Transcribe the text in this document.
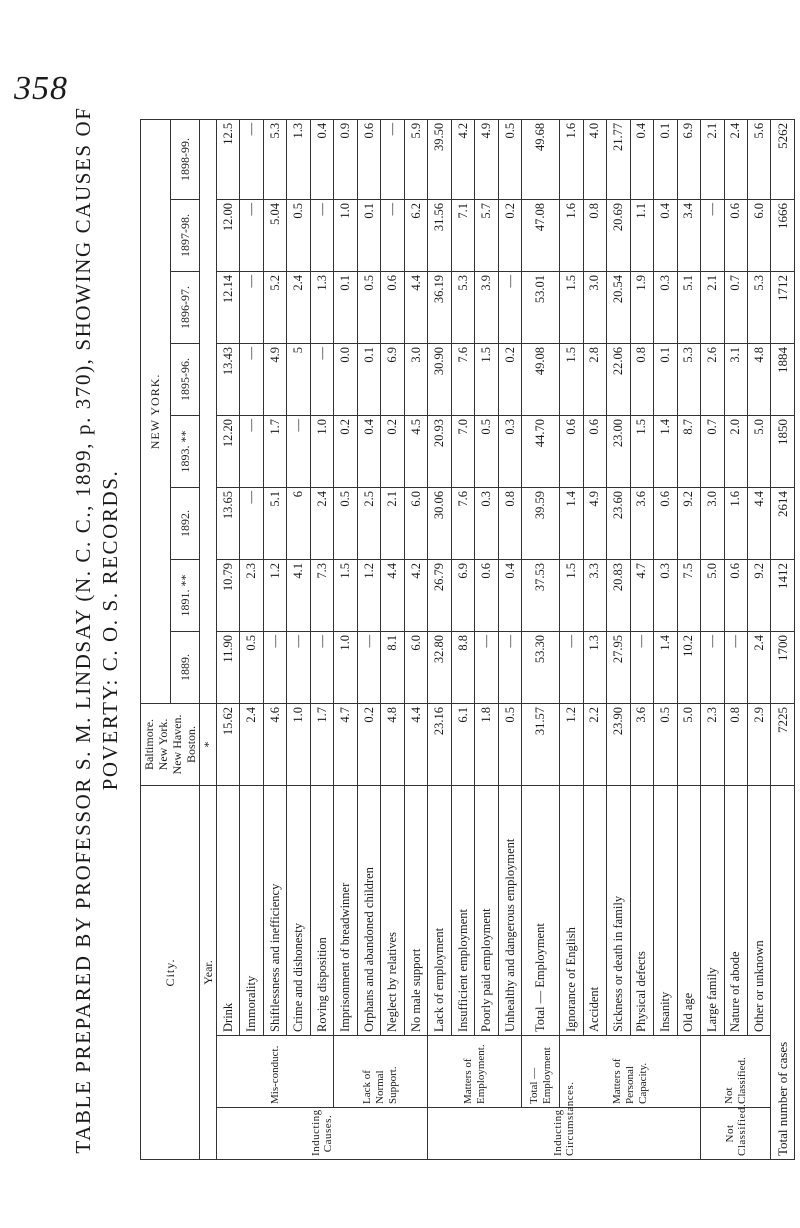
358
TABLE PREPARED BY PROFESSOR S. M. LINDSAY (N. C. C., 1899, p. 370), SHOWING CAUSES OF POVERTY: C. O. S. RECORDS.
City.			Baltimore. New York. New Haven. Boston.	NEW YORK.							
				1889.	1891. **	1892.	1893. **	1895-96.	1896-97.	1897-98.	1898-99.
Year.			*								
Inducting Causes.	Mis-conduct.	Drink	15.62	11.90	10.79	13.65	12.20	13.43	12.14	12.00	12.5
		Immorality	2.4	0.5	2.3	—	—	—	—	—	—
		Shiftlessness and inefficiency	4.6	—	1.2	5.1	1.7	4.9	5.2	5.04	5.3
		Crime and dishonesty	1.0	—	4.1	6	—	5	2.4	0.5	1.3
		Roving disposition	1.7	—	7.3	2.4	1.0	—	1.3	—	0.4
	Lack of Normal Support.	Imprisonment of breadwinner	4.7	1.0	1.5	0.5	0.2	0.0	0.1	1.0	0.9
		Orphans and abandoned children	0.2	—	1.2	2.5	0.4	0.1	0.5	0.1	0.6
		Neglect by relatives	4.8	8.1	4.4	2.1	0.2	6.9	0.6	—	—
		No male support	4.4	6.0	4.2	6.0	4.5	3.0	4.4	6.2	5.9
Inducting Circumstances.	Matters of Employment.	Lack of employment	23.16	32.80	26.79	30.06	20.93	30.90	36.19	31.56	39.50
		Insufficient employment	6.1	8.8	6.9	7.6	7.0	7.6	5.3	7.1	4.2
		Poorly paid employment	1.8	—	0.6	0.3	0.5	1.5	3.9	5.7	4.9
		Unhealthy and dangerous employment	0.5	—	0.4	0.8	0.3	0.2	—	0.2	0.5
	Total — Employment	Total — Employment	31.57	53.30	37.53	39.59	44.70	49.08	53.01	47.08	49.68
	Matters of Personal Capacity.	Ignorance of English	1.2	—	1.5	1.4	0.6	1.5	1.5	1.6	1.6
		Accident	2.2	1.3	3.3	4.9	0.6	2.8	3.0	0.8	4.0
		Sickness or death in family	23.90	27.95	20.83	23.60	23.00	22.06	20.54	20.69	21.77
		Physical defects	3.6	—	4.7	3.6	1.5	0.8	1.9	1.1	0.4
		Insanity	0.5	1.4	0.3	0.6	1.4	0.1	0.3	0.4	0.1
		Old age	5.0	10.2	7.5	9.2	8.7	5.3	5.1	3.4	6.9
Not Classified.	Not Classified.	Large family	2.3	—	5.0	3.0	0.7	2.6	2.1	—	2.1
		Nature of abode	0.8	—	0.6	1.6	2.0	3.1	0.7	0.6	2.4
		Other or unknown	2.9	2.4	9.2	4.4	5.0	4.8	5.3	6.0	5.6
Total number of cases			7225	1700	1412	2614	1850	1884	1712	1666	5262
